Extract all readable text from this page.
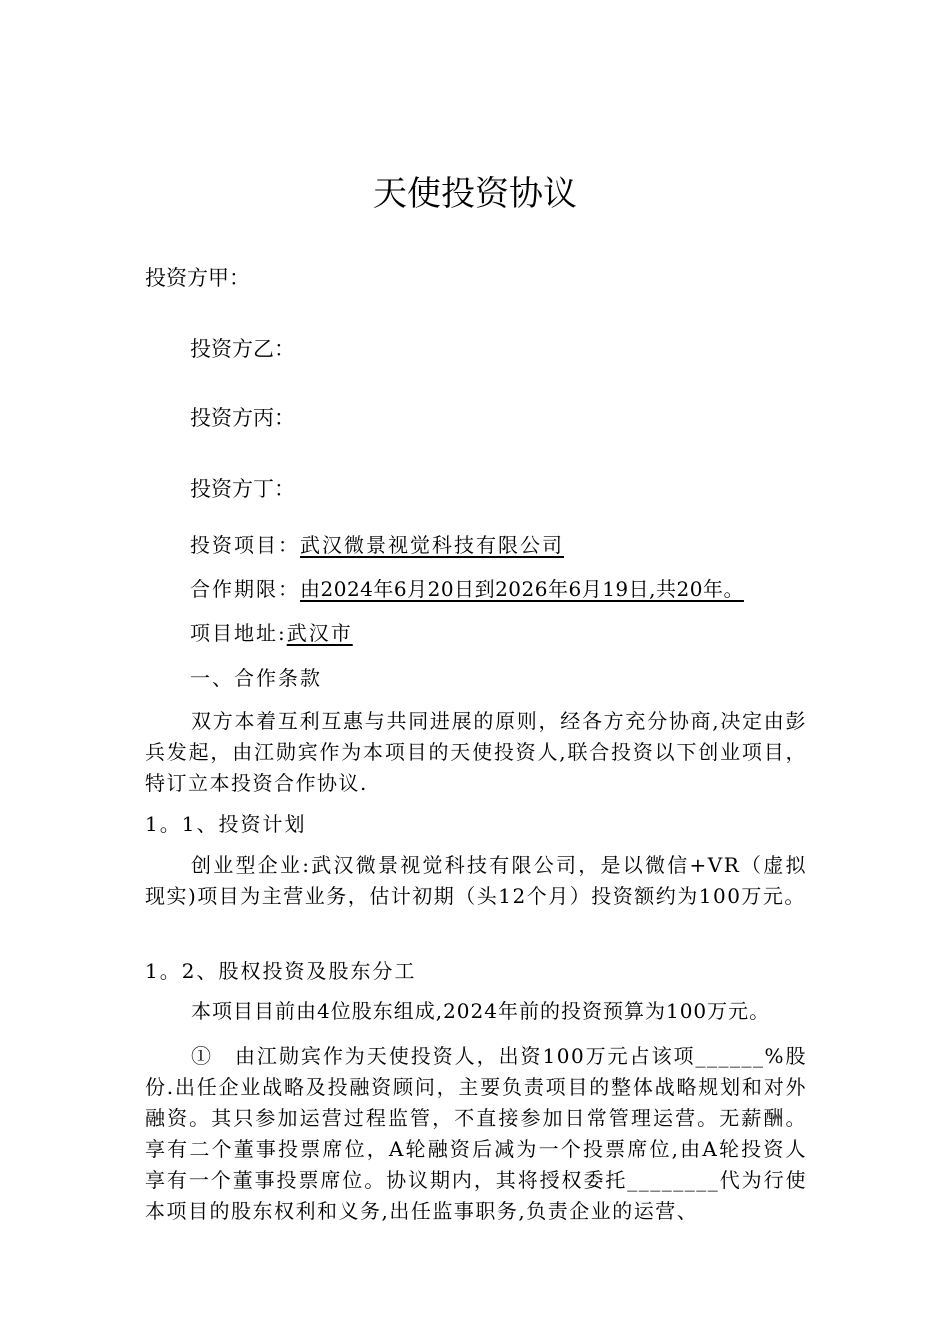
天使投资协议
投资方甲：
投资方乙：
投资方丙：
投资方丁：
投资项目：武汉微景视觉科技有限公司
合作期限：由2024年6月20日到2026年6月19日,共20年。
项目地址:武汉市
一、合作条款

双方本着互利互惠与共同进展的原则，经各方充分协商,决定由彭兵发起，由江勋宾作为本项目的天使投资人,联合投资以下创业项目，特订立本投资合作协议.

1。1、投资计划

创业型企业:武汉微景视觉科技有限公司，是以微信+VR（虚拟现实)项目为主营业务，估计初期（头12个月）投资额约为100万元。

1。2、股权投资及股东分工

本项目目前由4位股东组成,2024年前的投资预算为100万元。

①　由江勋宾作为天使投资人，出资100万元占该项______%股份.出任企业战略及投融资顾问，主要负责项目的整体战略规划和对外融资。其只参加运营过程监管，不直接参加日常管理运营。无薪酬。享有二个董事投票席位，A轮融资后减为一个投票席位,由A轮投资人享有一个董事投票席位。协议期内，其将授权委托________代为行使本项目的股东权利和义务,出任监事职务,负责企业的运营、
